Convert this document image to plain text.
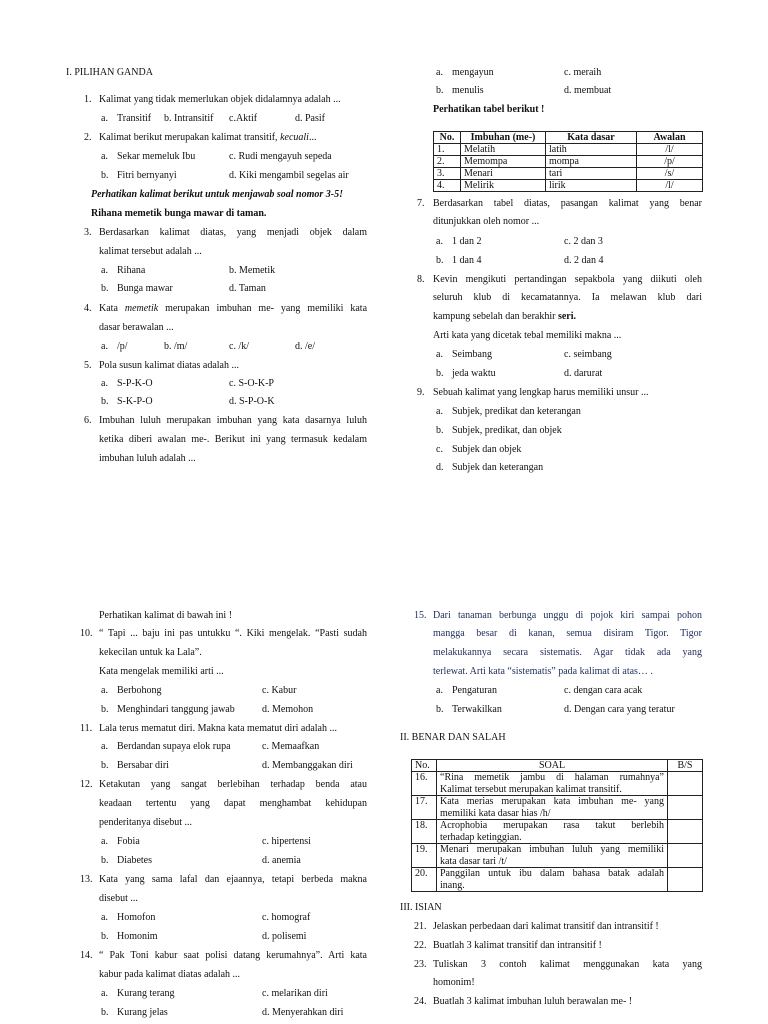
I. PILIHAN GANDA
1. Kalimat yang tidak memerlukan objek didalamnya adalah ...
a. Transitif b. Intransitif c.Aktif	d. Pasif
2. Kalimat berikut merupakan kalimat transitif, kecuali...
a. Sekar memeluk Ibu	c. Rudi mengayuh sepeda
b. Fitri bernyanyi	d. Kiki mengambil segelas air
Perhatikan kalimat berikut untuk menjawab soal nomor 3-5!
Rihana memetik bunga mawar di taman.
3. Berdasarkan kalimat diatas, yang menjadi objek dalam
kalimat tersebut adalah ...
a. Rihana	b. Memetik
b. Bunga mawar	d. Taman
4. Kata memetik merupakan imbuhan me- yang memiliki kata
dasar berawalan ...
a. /p/	b. /m/	c. /k/	d. /e/
5. Pola susun kalimat diatas adalah ...
a. S-P-K-O	c. S-O-K-P
b. S-K-P-O	d. S-P-O-K
6. Imbuhan luluh merupakan imbuhan yang kata dasarnya luluh
ketika diberi awalan me-. Berikut ini yang termasuk kedalam
imbuhan luluh adalah ...
a. mengayun	c. meraih
b. menulis	d. membuat
Perhatikan tabel berikut !
No.	Imbuhan (me-)	Kata dasar	Awalan
1.	Melatih	latih	/l/
2.	Memompa	mompa	/p/
3.	Menari	tari	/s/
4.	Melirik	lirik	/l/
7. Berdasarkan tabel diatas, pasangan kalimat yang benar
ditunjukkan oleh nomor ...
a. 1 dan 2	c. 2 dan 3
b. 1 dan 4	d. 2 dan 4
8. Kevin mengikuti pertandingan sepakbola yang diikuti oleh
seluruh klub di kecamatannya. Ia melawan klub dari
kampung sebelah dan berakhir seri.
Arti kata yang dicetak tebal memiliki makna ...
a. Seimbang	c. seimbang
b. jeda waktu	d. darurat
9. Sebuah kalimat yang lengkap harus memiliki unsur ...
a. Subjek, predikat dan keterangan
b. Subjek, predikat, dan objek
c. Subjek dan objek
d. Subjek dan keterangan
Perhatikan kalimat di bawah ini !
10. “ Tapi ... baju ini pas untukku “. Kiki mengelak. “Pasti sudah
kekecilan untuk ka Lala”.
Kata mengelak memiliki arti ...
a. Berbohong	c. Kabur
b. Menghindari tanggung jawab	d. Memohon
11. Lala terus mematut diri. Makna kata mematut diri adalah ...
a. Berdandan supaya elok rupa	c. Memaafkan
b. Bersabar diri	d. Membanggakan diri
12. Ketakutan yang sangat berlebihan terhadap benda atau
keadaan tertentu yang dapat menghambat kehidupan
penderitanya disebut ...
a. Fobia	c. hipertensi
b. Diabetes	d. anemia
13. Kata yang sama lafal dan ejaannya, tetapi berbeda makna
disebut ...
a. Homofon	c. homograf
b. Homonim	d. polisemi
14. “ Pak Toni kabur saat polisi datang kerumahnya”. Arti kata
kabur pada kalimat diatas adalah ...
a. Kurang terang	c. melarikan diri
b. Kurang jelas	d. Menyerahkan diri
15. Dari tanaman berbunga unggu di pojok kiri sampai pohon
mangga besar di kanan, semua disiram Tigor. Tigor
melakukannya secara sistematis. Agar tidak ada yang
terlewat. Arti kata “sistematis” pada kalimat di atas… .
a. Pengaturan	c. dengan cara acak
b. Terwakilkan	d. Dengan cara yang teratur
II. BENAR DAN SALAH
No.	SOAL	B/S
16.	“Rina memetik jambu di halaman rumahnya”
Kalimat tersebut merupakan kalimat transitif.	

17.	Kata merias merupakan kata imbuhan me- yang
memiliki kata dasar hias /h/	

18.	Acrophobia merupakan rasa takut berlebih
terhadap ketinggian.	

19.	Menari merupakan imbuhan luluh yang memiliki
kata dasar tari /t/	

20.	Panggilan untuk ibu dalam bahasa batak adalah
inang.	

III. ISIAN
21. Jelaskan perbedaan dari kalimat transitif dan intransitif !
22. Buatlah 3 kalimat transitif dan intransitif !
23. Tuliskan 3 contoh kalimat menggunakan kata yang
homonim!
24. Buatlah 3 kalimat imbuhan luluh berawalan me- !
